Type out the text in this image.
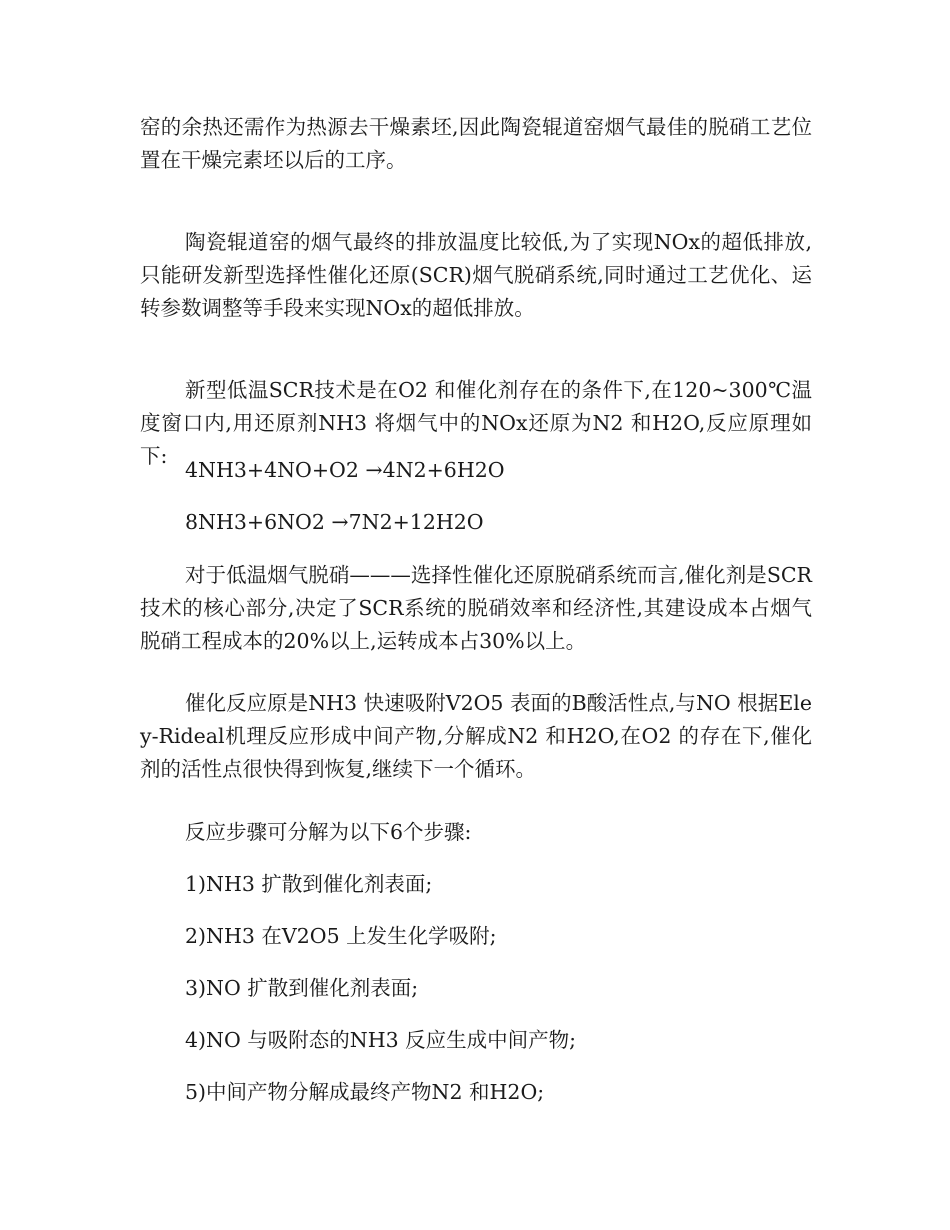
窑的余热还需作为热源去干燥素坯,因此陶瓷辊道窑烟气最佳的脱硝工艺位置在干燥完素坯以后的工序。

陶瓷辊道窑的烟气最终的排放温度比较低,为了实现NOx的超低排放,只能研发新型选择性催化还原(SCR)烟气脱硝系统,同时通过工艺优化、运转参数调整等手段来实现NOx的超低排放。

新型低温SCR技术是在O2 和催化剂存在的条件下,在120~300℃温度窗口内,用还原剂NH3 将烟气中的NOx还原为N2 和H2O,反应原理如下:

4NH3+4NO+O2 →4N2+6H2O

8NH3+6NO2 →7N2+12H2O

对于低温烟气脱硝———选择性催化还原脱硝系统而言,催化剂是SCR技术的核心部分,决定了SCR系统的脱硝效率和经济性,其建设成本占烟气脱硝工程成本的20%以上,运转成本占30%以上。

催化反应原是NH3 快速吸附V2O5 表面的B酸活性点,与NO 根据Eley-Rideal机理反应形成中间产物,分解成N2 和H2O,在O2 的存在下,催化剂的活性点很快得到恢复,继续下一个循环。

反应步骤可分解为以下6个步骤:

1)NH3 扩散到催化剂表面;

2)NH3 在V2O5 上发生化学吸附;

3)NO 扩散到催化剂表面;

4)NO 与吸附态的NH3 反应生成中间产物;

5)中间产物分解成最终产物N2 和H2O;
